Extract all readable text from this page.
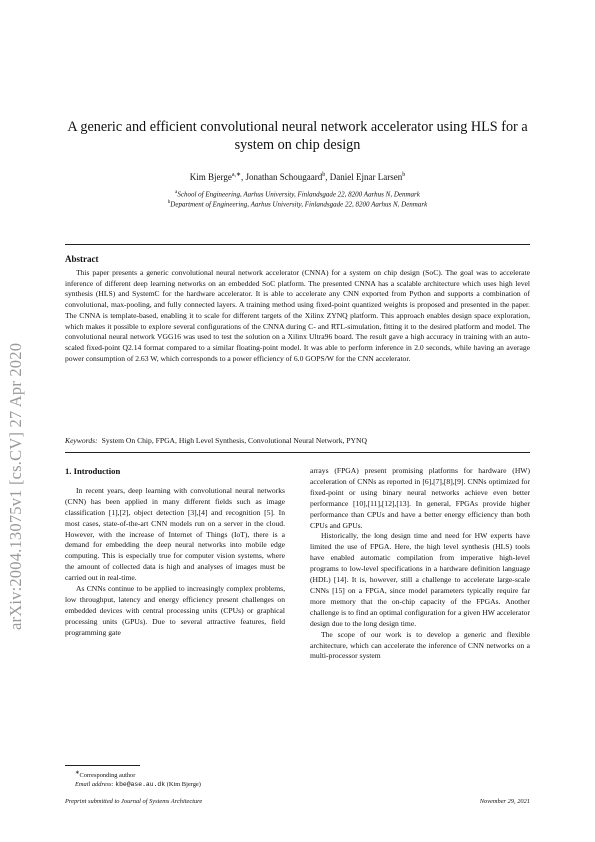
arXiv:2004.13075v1 [cs.CV] 27 Apr 2020
A generic and efficient convolutional neural network accelerator using HLS for a system on chip design
Kim Bjerge$^{a,∗}$, Jonathan Schougaard$^b$, Daniel Ejnar Larsen$^b$
$^a$School of Engineering, Aarhus University, Finlandsgade 22, 8200 Aarhus N, Denmark
$^b$Department of Engineering, Aarhus University, Finlandsgade 22, 8200 Aarhus N, Denmark
Abstract

This paper presents a generic convolutional neural network accelerator (CNNA) for a system on chip design (SoC). The goal was to accelerate inference of different deep learning networks on an embedded SoC platform. The presented CNNA has a scalable architecture which uses high level synthesis (HLS) and SystemC for the hardware accelerator. It is able to accelerate any CNN exported from Python and supports a combination of convolutional, max-pooling, and fully connected layers. A training method using fixed-point quantized weights is proposed and presented in the paper. The CNNA is template-based, enabling it to scale for different targets of the Xilinx ZYNQ platform. This approach enables design space exploration, which makes it possible to explore several configurations of the CNNA during C- and RTL-simulation, fitting it to the desired platform and model. The convolutional neural network VGG16 was used to test the solution on a Xilinx Ultra96 board. The result gave a high accuracy in training with an auto-scaled fixed-point Q2.14 format compared to a similar floating-point model. It was able to perform inference in 2.0 seconds, while having an average power consumption of 2.63 W, which corresponds to a power efficiency of 6.0 GOPS/W for the CNN accelerator.

Keywords: System On Chip, FPGA, High Level Synthesis, Convolutional Neural Network, PYNQ
1. Introduction

In recent years, deep learning with convolutional neural networks (CNN) has been applied in many different fields such as image classification [1],[2], object detection [3],[4] and recognition [5]. In most cases, state-of-the-art CNN models run on a server in the cloud. However, with the increase of Internet of Things (IoT), there is a demand for embedding the deep neural networks into mobile edge computing. This is especially true for computer vision systems, where the amount of collected data is high and analyses of images must be carried out in real-time.

As CNNs continue to be applied to increasingly complex problems, low throughput, latency and energy efficiency present challenges on embedded devices with central processing units (CPUs) or graphical processing units (GPUs). Due to several attractive features, field programming gate

arrays (FPGA) present promising platforms for hardware (HW) acceleration of CNNs as reported in [6],[7],[8],[9]. CNNs optimized for fixed-point or using binary neural networks achieve even better performance [10],[11],[12],[13]. In general, FPGAs provide higher performance than CPUs and have a better energy efficiency than both CPUs and GPUs.

Historically, the long design time and need for HW experts have limited the use of FPGA. Here, the high level synthesis (HLS) tools have enabled automatic compilation from imperative high-level programs to low-level specifications in a hardware definition language (HDL) [14]. It is, however, still a challenge to accelerate large-scale CNNs [15] on a FPGA, since model parameters typically require far more memory that the on-chip capacity of the FPGAs. Another challenge is to find an optimal configuration for a given HW accelerator design due to the long design time.

The scope of our work is to develop a generic and flexible architecture, which can accelerate the inference of CNN networks on a multi-processor system

∗Corresponding author
Email address: kbe@ase.au.dk (Kim Bjerge)
Preprint submitted to Journal of Systems Architecture	November 29, 2021
